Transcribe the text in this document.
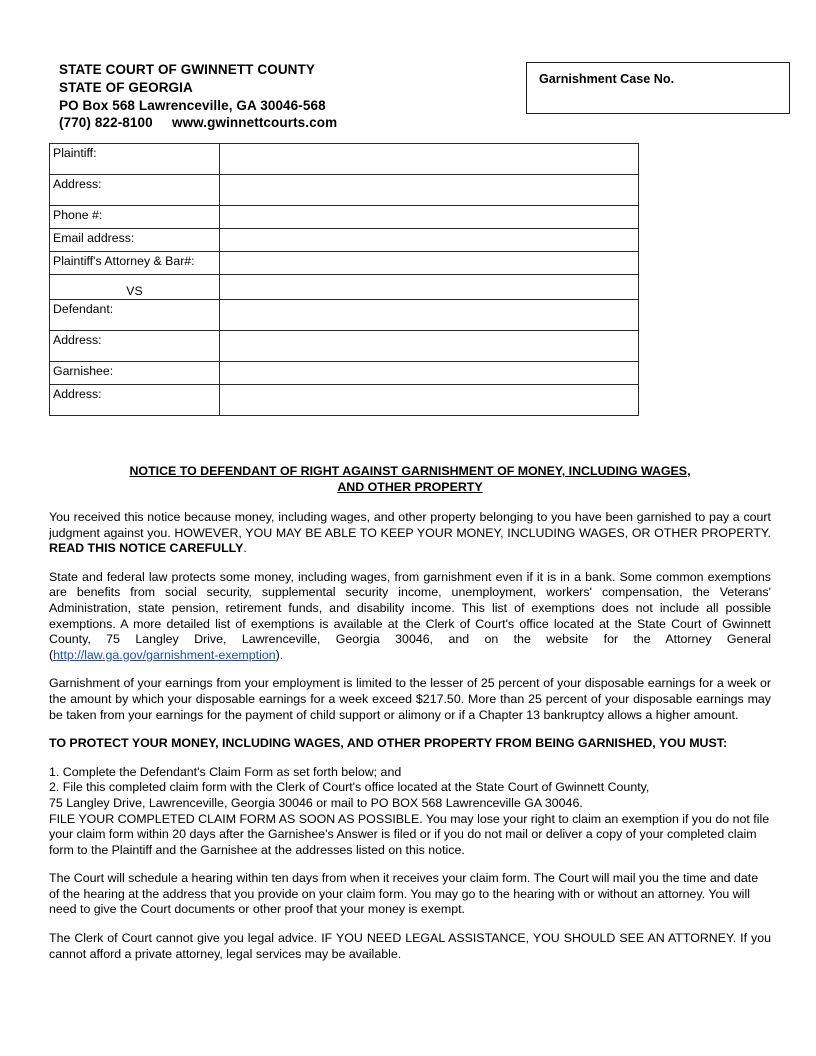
STATE COURT OF GWINNETT COUNTY
STATE OF GEORGIA
PO Box 568 Lawrenceville, GA 30046-568
(770) 822-8100     www.gwinnettcourts.com
Garnishment Case No.
Plaintiff:	
Address:	
Phone #:	
Email address:	
Plaintiff's Attorney & Bar#:	
VS	
Defendant:	
Address:	
Garnishee:	
Address:	
NOTICE TO DEFENDANT OF RIGHT AGAINST GARNISHMENT OF MONEY, INCLUDING WAGES,
AND OTHER PROPERTY

You received this notice because money, including wages, and other property belonging to you have been garnished to pay a court judgment against you. HOWEVER, YOU MAY BE ABLE TO KEEP YOUR MONEY, INCLUDING WAGES, OR OTHER PROPERTY. READ THIS NOTICE CAREFULLY.

State and federal law protects some money, including wages, from garnishment even if it is in a bank. Some common exemptions are benefits from social security, supplemental security income, unemployment, workers' compensation, the Veterans' Administration, state pension, retirement funds, and disability income. This list of exemptions does not include all possible exemptions. A more detailed list of exemptions is available at the Clerk of Court's office located at the State Court of Gwinnett County, 75 Langley Drive, Lawrenceville, Georgia 30046, and on the website for the Attorney General (http://law.ga.gov/garnishment-exemption).

Garnishment of your earnings from your employment is limited to the lesser of 25 percent of your disposable earnings for a week or the amount by which your disposable earnings for a week exceed $217.50. More than 25 percent of your disposable earnings may be taken from your earnings for the payment of child support or alimony or if a Chapter 13 bankruptcy allows a higher amount.

TO PROTECT YOUR MONEY, INCLUDING WAGES, AND OTHER PROPERTY FROM BEING GARNISHED, YOU MUST:

1. Complete the Defendant's Claim Form as set forth below; and

2. File this completed claim form with the Clerk of Court's office located at the State Court of Gwinnett County,

75 Langley Drive, Lawrenceville, Georgia 30046 or mail to PO BOX 568 Lawrenceville GA 30046.

FILE YOUR COMPLETED CLAIM FORM AS SOON AS POSSIBLE. You may lose your right to claim an exemption if you do not file your claim form within 20 days after the Garnishee's Answer is filed or if you do not mail or deliver a copy of your completed claim form to the Plaintiff and the Garnishee at the addresses listed on this notice.

The Court will schedule a hearing within ten days from when it receives your claim form. The Court will mail you the time and date of the hearing at the address that you provide on your claim form. You may go to the hearing with or without an attorney. You will need to give the Court documents or other proof that your money is exempt.

The Clerk of Court cannot give you legal advice. IF YOU NEED LEGAL ASSISTANCE, YOU SHOULD SEE AN ATTORNEY. If you cannot afford a private attorney, legal services may be available.
